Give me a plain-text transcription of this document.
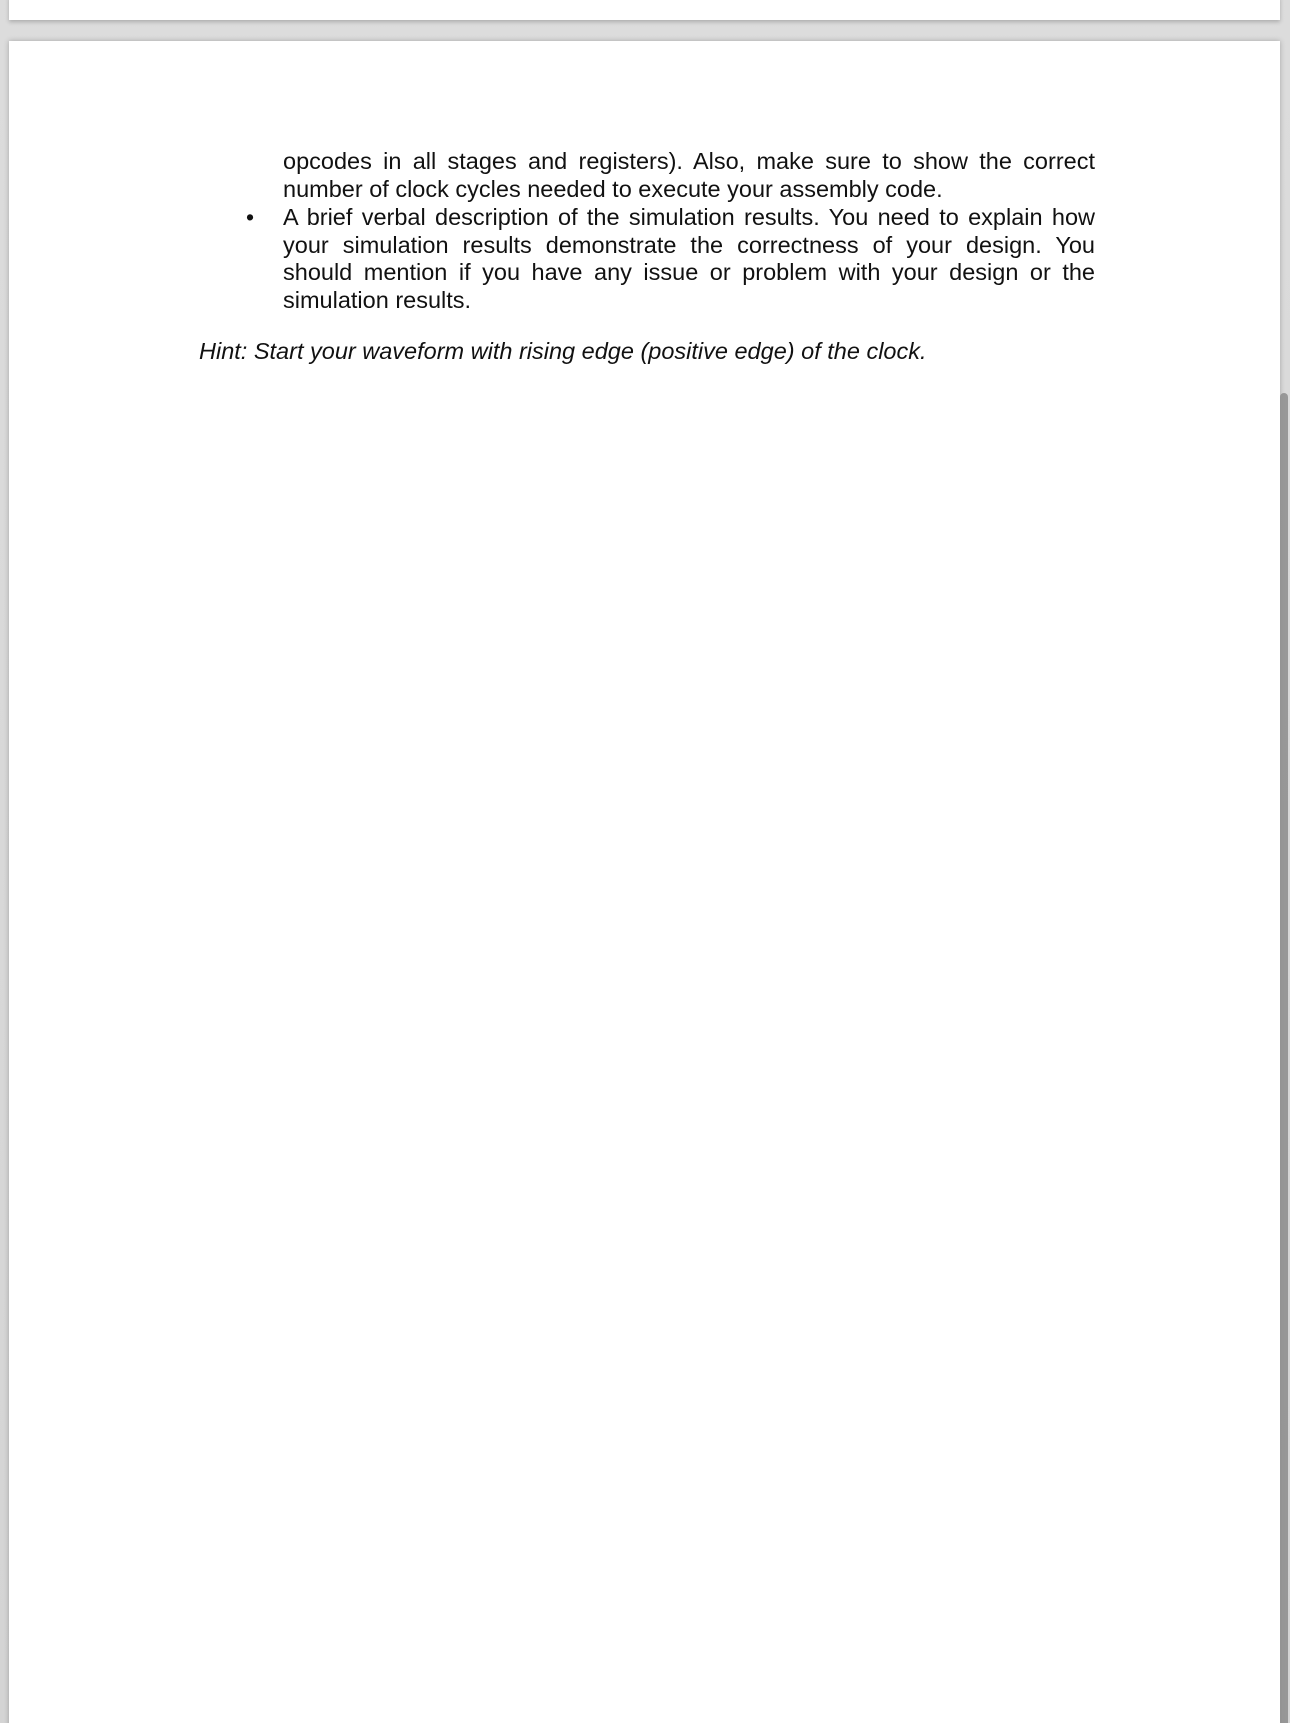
opcodes in all stages and registers). Also, make sure to show the correct number of clock cycles needed to execute your assembly code.

• A brief verbal description of the simulation results. You need to explain how your simulation results demonstrate the correctness of your design. You should mention if you have any issue or problem with your design or the simulation results.

Hint: Start your waveform with rising edge (positive edge) of the clock.
